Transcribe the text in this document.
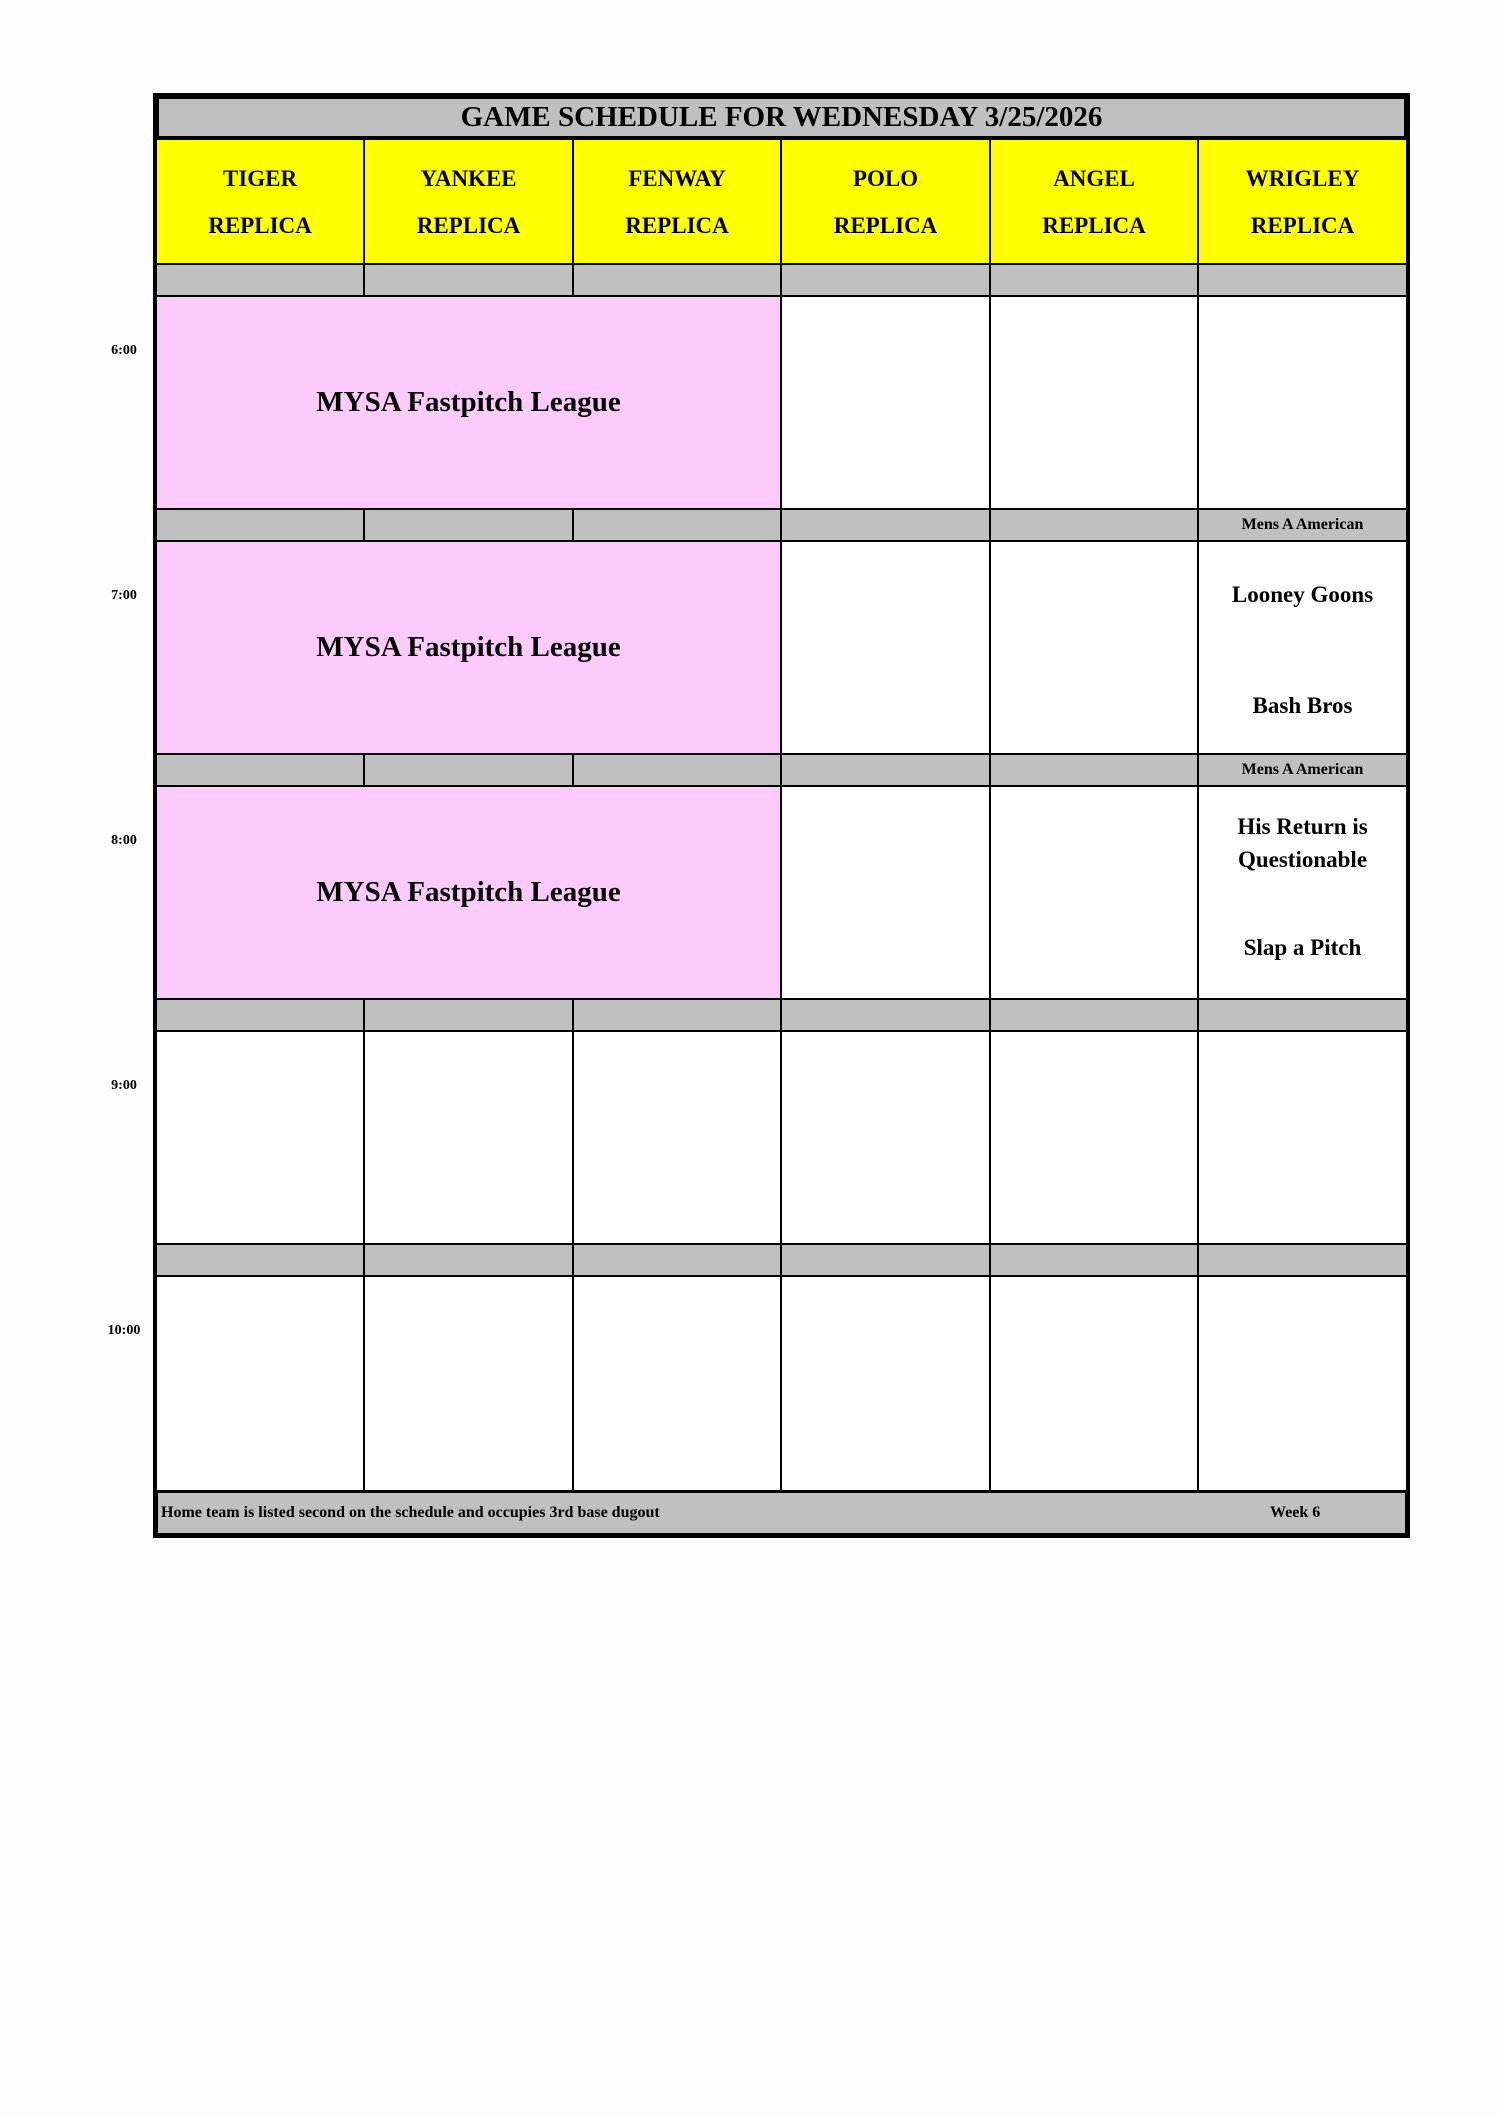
GAME SCHEDULE FOR WEDNESDAY 3/25/2026
TIGER
REPLICA
YANKEE
REPLICA
FENWAY
REPLICA
POLO
REPLICA
ANGEL
REPLICA
WRIGLEY
REPLICA
6:00
MYSA Fastpitch League
Mens A American
7:00
MYSA Fastpitch League
Looney Goons
Bash Bros
Mens A American
8:00
MYSA Fastpitch League
His Return is Questionable
Slap a Pitch
9:00
10:00
Home team is listed second on the schedule and occupies 3rd base dugout	Week 6
